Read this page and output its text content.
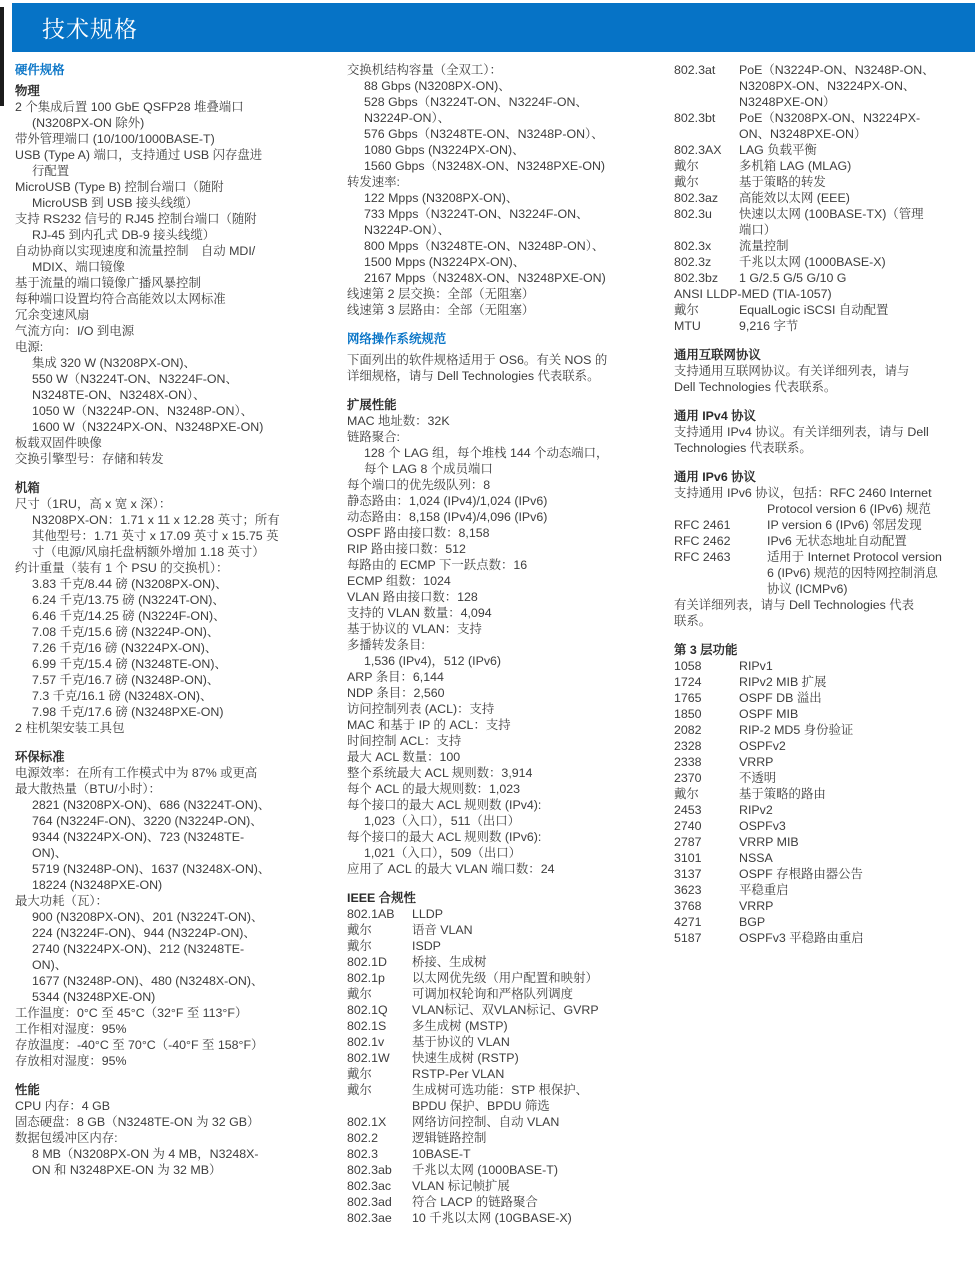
技术规格
硬件规格
物理
2 个集成后置 100 GbE QSFP28 堆叠端口
(N3208PX-ON 除外)
带外管理端口 (10/100/1000BASE-T)
USB (Type A) 端口，支持通过 USB 闪存盘进
行配置
MicroUSB (Type B) 控制台端口（随附
MicroUSB 到 USB 接头线缆）
支持 RS232 信号的 RJ45 控制台端口（随附
RJ-45 到内孔式 DB-9 接头线缆）
自动协商以实现速度和流量控制　自动 MDI/
MDIX、端口镜像
基于流量的端口镜像广播风暴控制
每种端口设置均符合高能效以太网标准
冗余变速风扇
气流方向：I/O 到电源
电源:
集成 320 W (N3208PX-ON)、
550 W（N3224T-ON、N3224F-ON、
N3248TE-ON、N3248X-ON）、
1050 W（N3224P-ON、N3248P-ON）、
1600 W（N3224PX-ON、N3248PXE-ON)
板载双固件映像
交换引擎型号：存储和转发
机箱
尺寸（1RU，高 x 宽 x 深）：
N3208PX-ON：1.71 x 11 x 12.28 英寸；所有
其他型号：1.71 英寸 x 17.09 英寸 x 15.75 英
寸（电源/风扇托盘柄额外增加 1.18 英寸）
约计重量（装有 1 个 PSU 的交换机）：
3.83 千克/8.44 磅 (N3208PX-ON)、
6.24 千克/13.75 磅 (N3224T-ON)、
6.46 千克/14.25 磅 (N3224F-ON)、
7.08 千克/15.6 磅 (N3224P-ON)、
7.26 千克/16 磅 (N3224PX-ON)、
6.99 千克/15.4 磅 (N3248TE-ON)、
7.57 千克/16.7 磅 (N3248P-ON)、
7.3 千克/16.1 磅 (N3248X-ON)、
7.98 千克/17.6 磅 (N3248PXE-ON)
2 柱机架安装工具包
环保标准
电源效率：在所有工作模式中为 87% 或更高
最大散热量（BTU/小时）：
2821 (N3208PX-ON)、686 (N3224T-ON)、
764 (N3224F-ON)、3220 (N3224P-ON)、
9344 (N3224PX-ON)、723 (N3248TE-
ON)、
5719 (N3248P-ON)、1637 (N3248X-ON)、
18224 (N3248PXE-ON)
最大功耗（瓦）：
900 (N3208PX-ON)、201 (N3224T-ON)、
224 (N3224F-ON)、944 (N3224P-ON)、
2740 (N3224PX-ON)、212 (N3248TE-
ON)、
1677 (N3248P-ON)、480 (N3248X-ON)、
5344 (N3248PXE-ON)
工作温度：0°C 至 45°C（32°F 至 113°F）
工作相对湿度：95%
存放温度：-40°C 至 70°C（-40°F 至 158°F）
存放相对湿度：95%
性能
CPU 内存：4 GB
固态硬盘：8 GB（N3248TE-ON 为 32 GB）
数据包缓冲区内存:
8 MB（N3208PX-ON 为 4 MB，N3248X-
ON 和 N3248PXE-ON 为 32 MB）
交换机结构容量（全双工）：
88 Gbps (N3208PX-ON)、
528 Gbps（N3224T-ON、N3224F-ON、
N3224P-ON）、
576 Gbps（N3248TE-ON、N3248P-ON）、
1080 Gbps (N3224PX-ON)、
1560 Gbps（N3248X-ON、N3248PXE-ON)
转发速率:
122 Mpps (N3208PX-ON)、
733 Mpps（N3224T-ON、N3224F-ON、
N3224P-ON）、
800 Mpps（N3248TE-ON、N3248P-ON）、
1500 Mpps (N3224PX-ON)、
2167 Mpps（N3248X-ON、N3248PXE-ON)
线速第 2 层交换：全部（无阻塞）
线速第 3 层路由：全部（无阻塞）
网络操作系统规范
下面列出的软件规格适用于 OS6。有关 NOS 的
详细规格，请与 Dell Technologies 代表联系。
扩展性能
MAC 地址数：32K
链路聚合:
128 个 LAG 组，每个堆栈 144 个动态端口，
每个 LAG 8 个成员端口
每个端口的优先级队列：8
静态路由：1,024 (IPv4)/1,024 (IPv6)
动态路由：8,158 (IPv4)/4,096 (IPv6)
OSPF 路由接口数：8,158
RIP 路由接口数：512
每路由的 ECMP 下一跃点数：16
ECMP 组数：1024
VLAN 路由接口数：128
支持的 VLAN 数量：4,094
基于协议的 VLAN：支持
多播转发条目:
1,536 (IPv4)，512 (IPv6)
ARP 条目：6,144
NDP 条目：2,560
访问控制列表 (ACL)：支持
MAC 和基于 IP 的 ACL：支持
时间控制 ACL：支持
最大 ACL 数量：100
整个系统最大 ACL 规则数：3,914
每个 ACL 的最大规则数：1,023
每个接口的最大 ACL 规则数 (IPv4):
1,023（入口），511（出口）
每个接口的最大 ACL 规则数 (IPv6):
1,021（入口），509（出口）
应用了 ACL 的最大 VLAN 端口数：24
IEEE 合规性
802.1AB	LLDP
戴尔	语音 VLAN
戴尔	ISDP
802.1D	桥接、生成树
802.1p	以太网优先级（用户配置和映射）
戴尔	可调加权轮询和严格队列调度
802.1Q	VLAN标记、双VLAN标记、GVRP
802.1S	多生成树 (MSTP)
802.1v	基于协议的 VLAN
802.1W	快速生成树 (RSTP)
戴尔	RSTP-Per VLAN
戴尔	生成树可选功能：STP 根保护、
BPDU 保护、BPDU 筛选
802.1X	网络访问控制、自动 VLAN
802.2	逻辑链路控制
802.3	10BASE-T
802.3ab	千兆以太网 (1000BASE-T)
802.3ac	VLAN 标记帧扩展
802.3ad	符合 LACP 的链路聚合
802.3ae	10 千兆以太网 (10GBASE-X)
802.3at	PoE（N3224P-ON、N3248P-ON、
N3208PX-ON、N3224PX-ON、
N3248PXE-ON）
802.3bt	PoE（N3208PX-ON、N3224PX-
ON、N3248PXE-ON）
802.3AX	LAG 负载平衡
戴尔	多机箱 LAG (MLAG)
戴尔	基于策略的转发
802.3az	高能效以太网 (EEE)
802.3u	快速以太网 (100BASE-TX)（管理
端口）
802.3x	流量控制
802.3z	千兆以太网 (1000BASE-X)
802.3bz	1 G/2.5 G/5 G/10 G
ANSI LLDP-MED (TIA-1057)
戴尔	EqualLogic iSCSI 自动配置
MTU	9,216 字节
通用互联网协议
支持通用互联网协议。有关详细列表，请与
Dell Technologies 代表联系。
通用 IPv4 协议
支持通用 IPv4 协议。有关详细列表，请与 Dell
Technologies 代表联系。
通用 IPv6 协议
支持通用 IPv6 协议，包括：RFC 2460 Internet
Protocol version 6 (IPv6) 规范
RFC 2461	IP version 6 (IPv6) 邻居发现
RFC 2462	IPv6 无状态地址自动配置
RFC 2463	适用于 Internet Protocol version
6 (IPv6) 规范的因特网控制消息
协议 (ICMPv6)
有关详细列表，请与 Dell Technologies 代表
联系。
第 3 层功能
1058	RIPv1
1724	RIPv2 MIB 扩展
1765	OSPF DB 溢出
1850	OSPF MIB
2082	RIP-2 MD5 身份验证
2328	OSPFv2
2338	VRRP
2370	不透明
戴尔	基于策略的路由
2453	RIPv2
2740	OSPFv3
2787	VRRP MIB
3101	NSSA
3137	OSPF 存根路由器公告
3623	平稳重启
3768	VRRP
4271	BGP
5187	OSPFv3 平稳路由重启
